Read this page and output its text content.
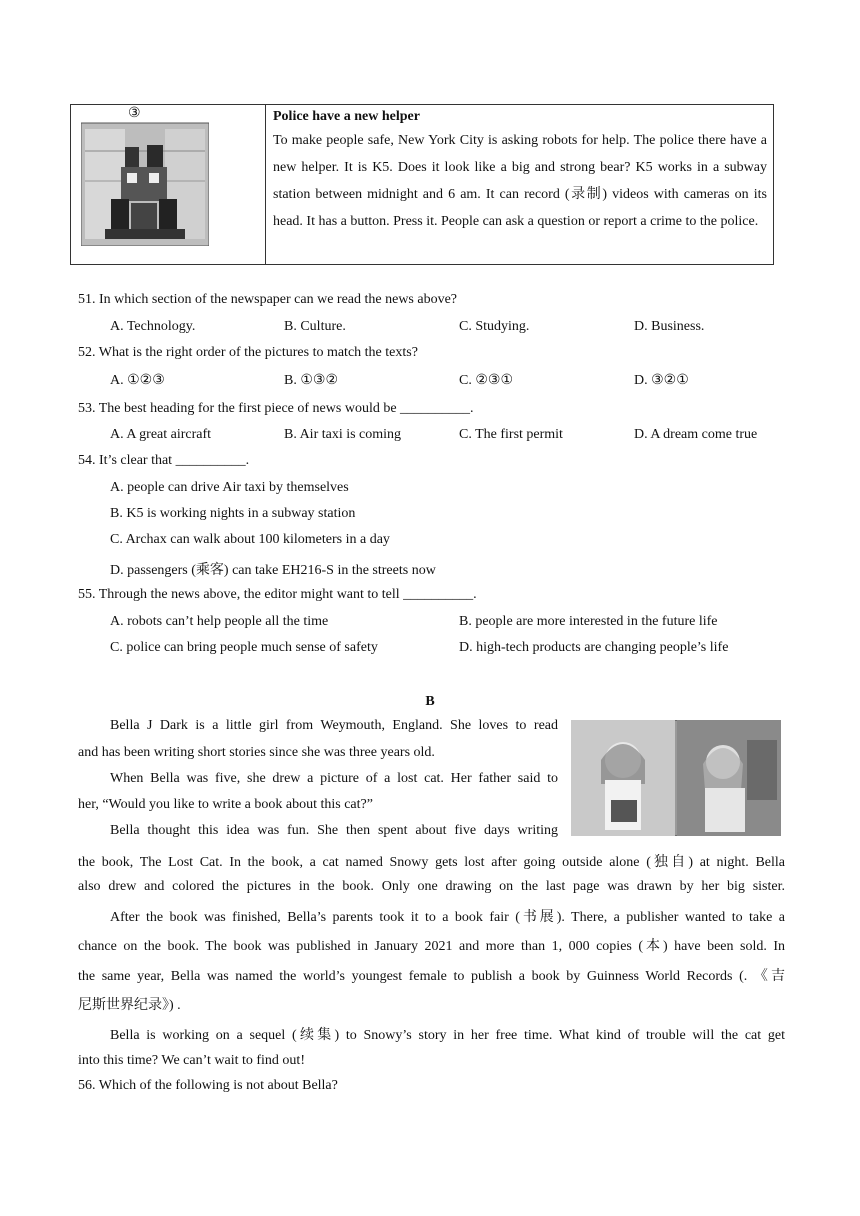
③	Police have a new helper
To make people safe, New York City is asking robots for help. The police there have a new helper. It is K5. Does it look like a big and strong bear? K5 works in a subway station between midnight and 6 am. It can record (录制) videos with cameras on its head. It has a button. Press it. People can ask a question or report a crime to the police.
51. In which section of the newspaper can we read the news above?
A. Technology.	B. Culture.	C. Studying.	D. Business.
52. What is the right order of the pictures to match the texts?
A. ①②③	B. ①③②	C. ②③①	D. ③②①
53. The best heading for the first piece of news would be __________.
A. A great aircraft	B. Air taxi is coming	C. The first permit	D. A dream come true
54. It’s clear that __________.
A. people can drive Air taxi by themselves
B. K5 is working nights in a subway station
C. Archax can walk about 100 kilometers in a day
D. passengers (乘客) can take EH216-S in the streets now
55. Through the news above, the editor might want to tell __________.
A. robots can’t help people all the time	B. people are more interested in the future life
C. police can bring people much sense of safety	D. high-tech products are changing people’s life
B
Bella J Dark is a little girl from Weymouth, England. She loves to read
and has been writing short stories since she was three years old.
When Bella was five, she drew a picture of a lost cat. Her father said to
her, “Would you like to write a book about this cat?”
Bella thought this idea was fun. She then spent about five days writing
the book, The Lost Cat. In the book, a cat named Snowy gets lost after going outside alone (独自) at night. Bella
also drew and colored the pictures in the book. Only one drawing on the last page was drawn by her big sister.
After the book was finished, Bella’s parents took it to a book fair (书展). There, a publisher wanted to take a
chance on the book. The book was published in January 2021 and more than 1, 000 copies (本) have been sold. In
the same year, Bella was named the world’s youngest female to publish a book by Guinness World Records (. 《吉
尼斯世界纪录》) .
Bella is working on a sequel (续集) to Snowy’s story in her free time. What kind of trouble will the cat get
into this time? We can’t wait to find out!
56. Which of the following is not about Bella?
